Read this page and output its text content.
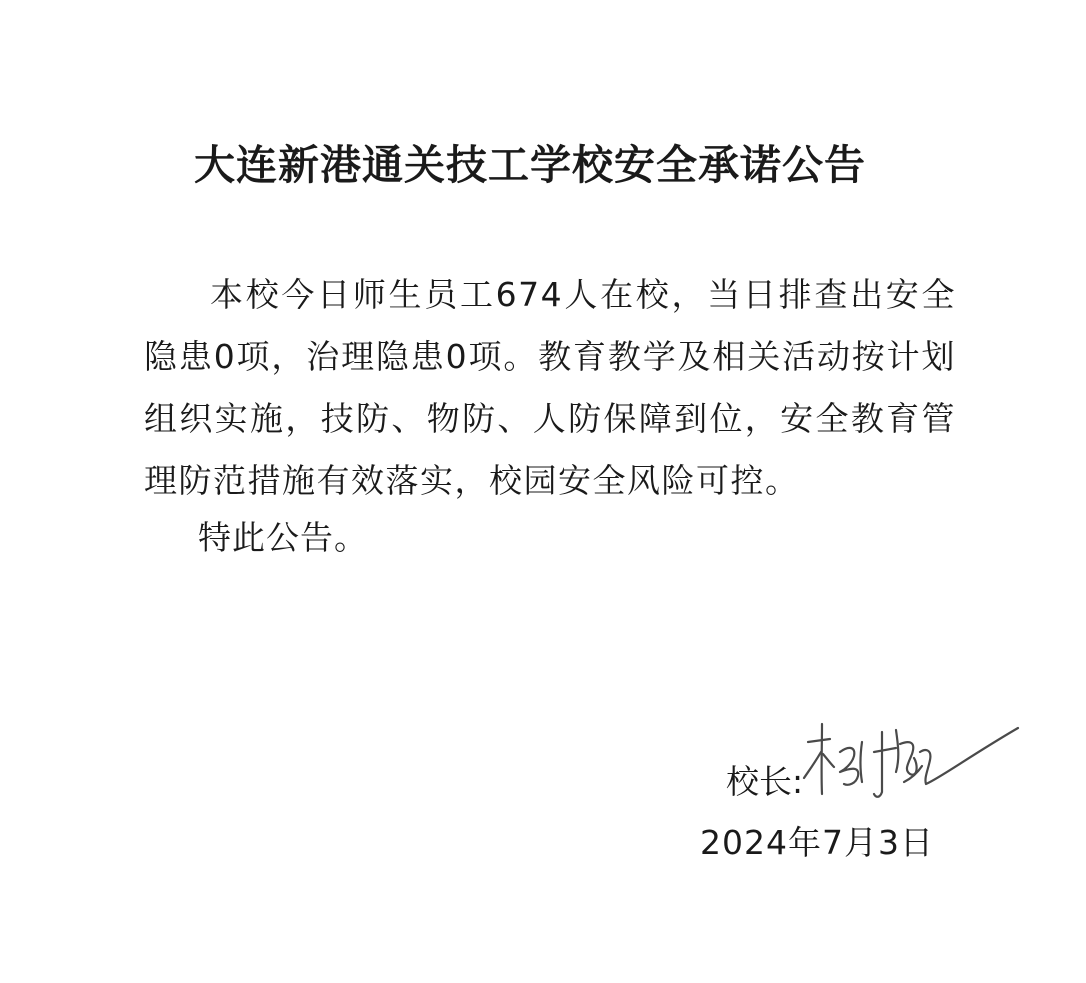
大连新港通关技工学校安全承诺公告

本校今日师生员工674人在校，当日排查出安全隐患0项，治理隐患0项。教育教学及相关活动按计划组织实施，技防、物防、人防保障到位，安全教育管理防范措施有效落实，校园安全风险可控。

特此公告。
校长:
2024年7月3日
